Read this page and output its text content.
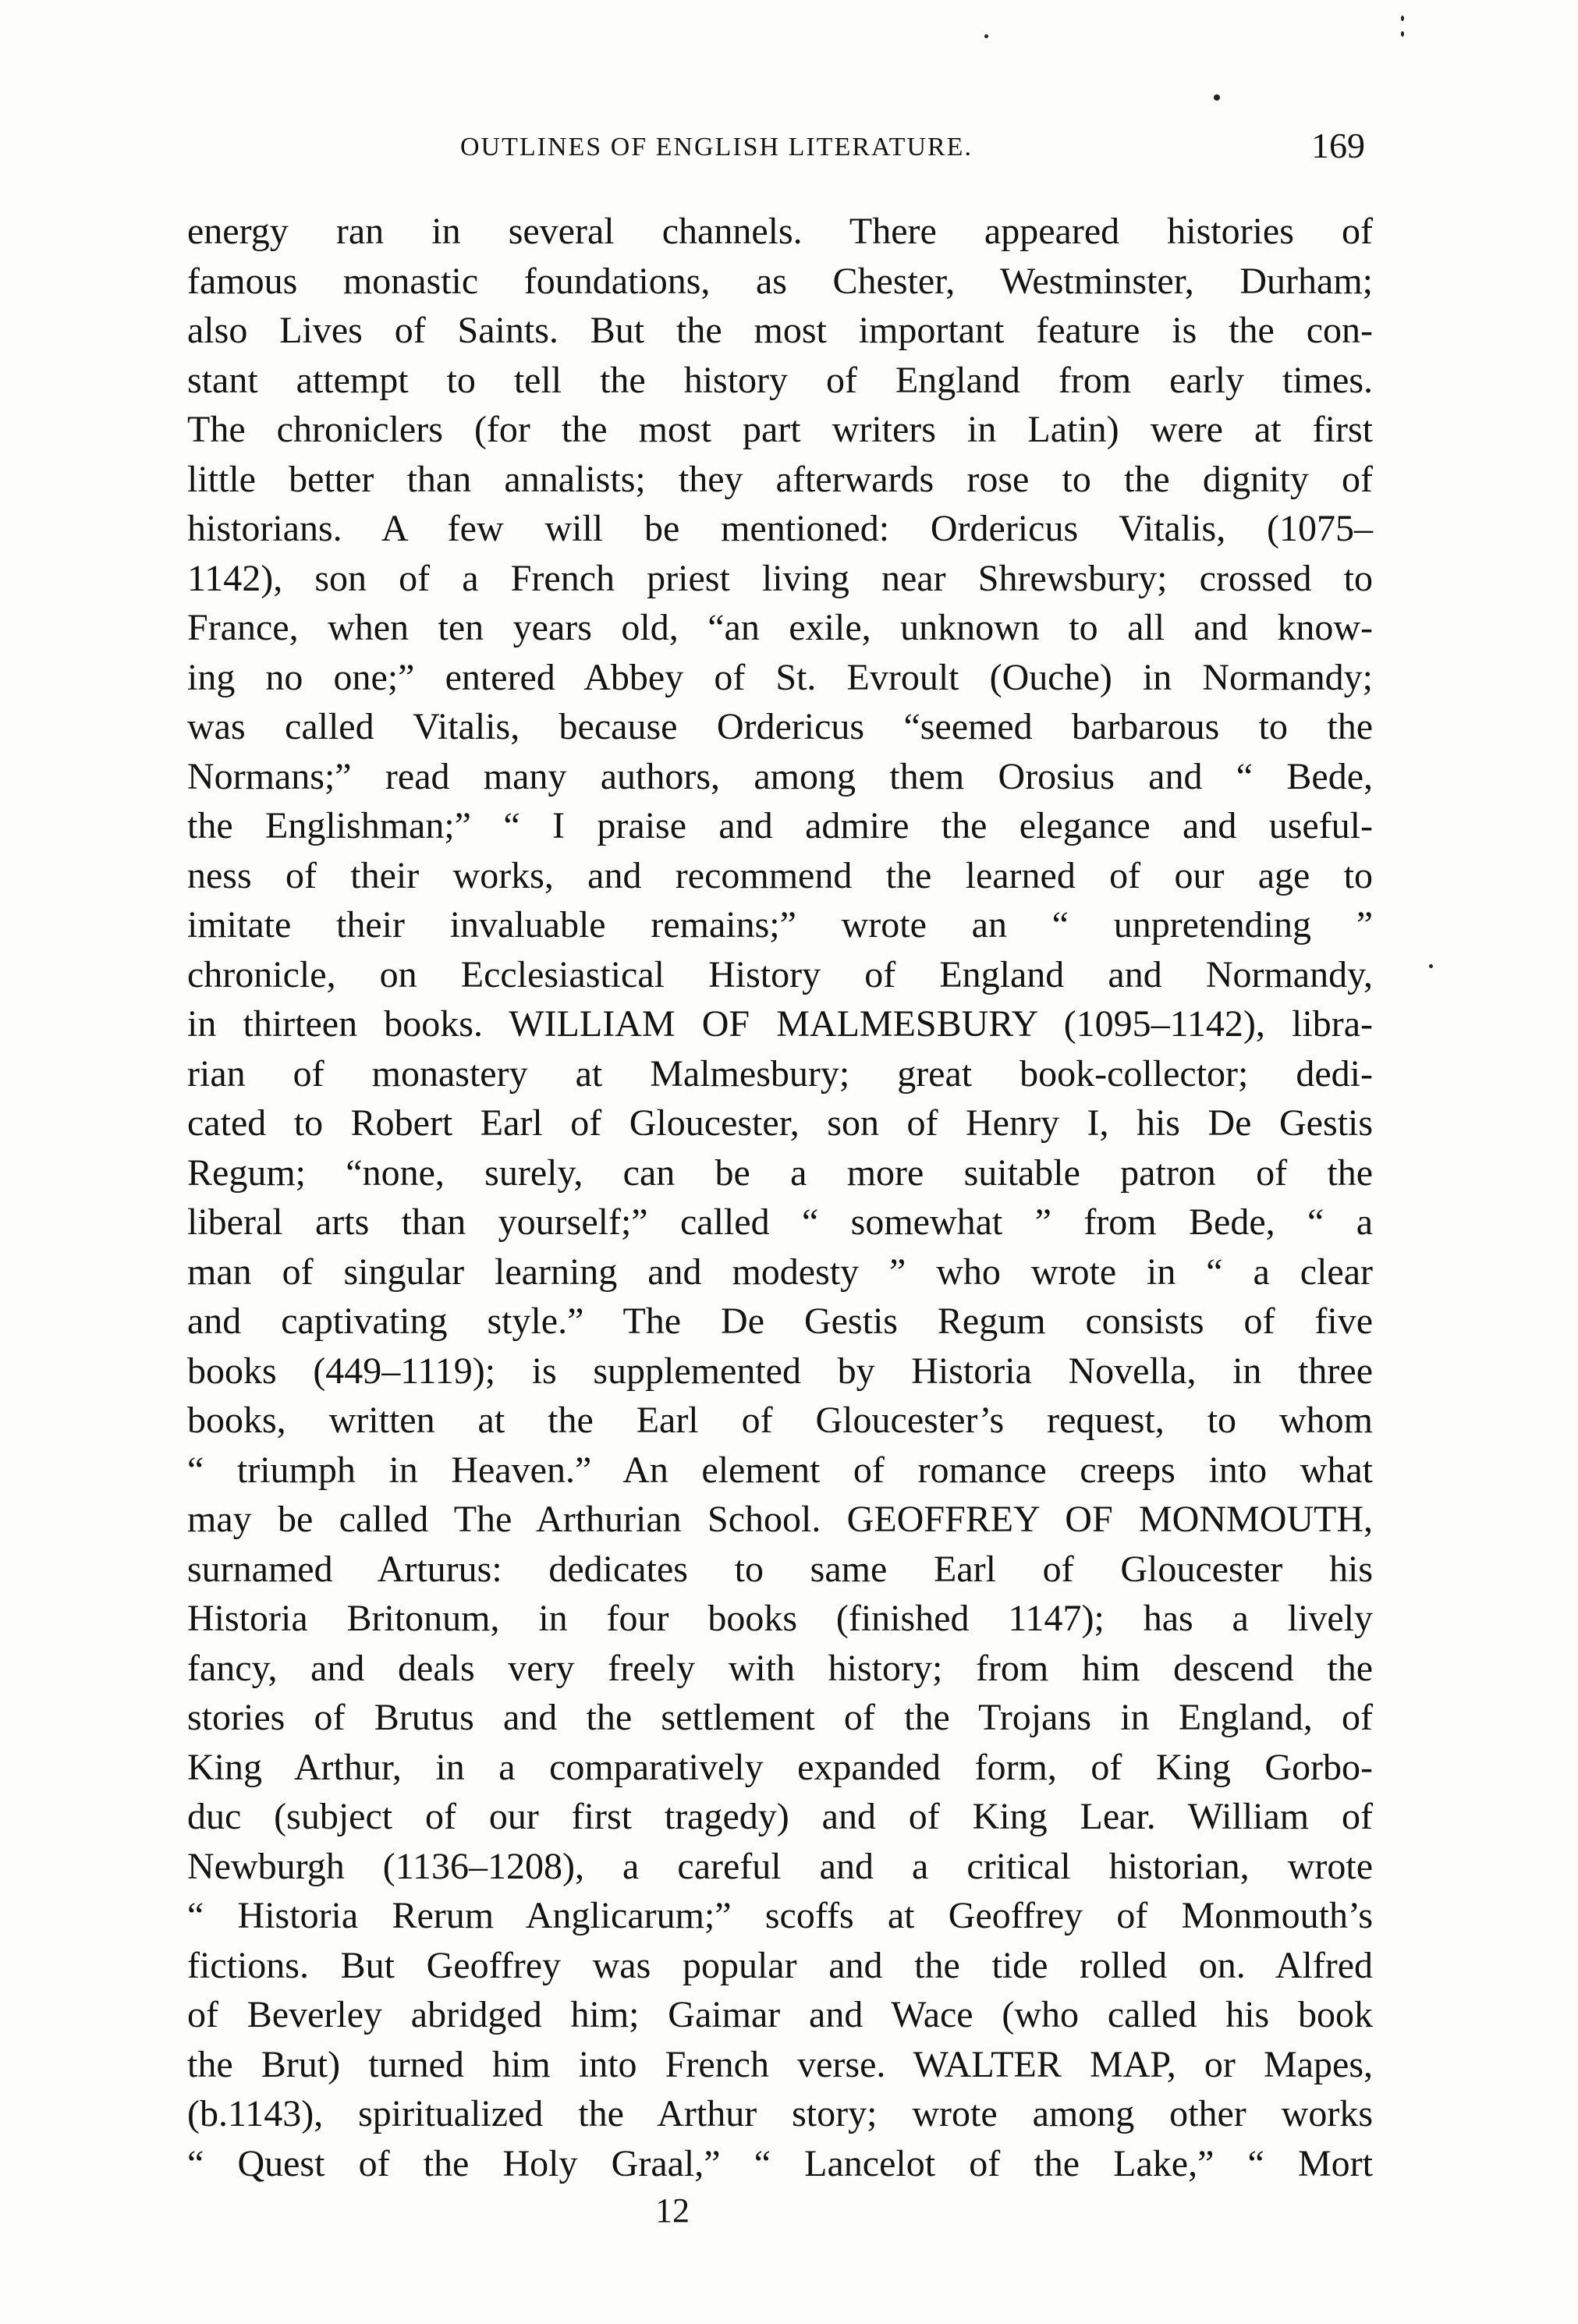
OUTLINES OF ENGLISH LITERATURE.	169
energy ran in several channels. There appeared histories of
famous monastic foundations, as Chester, Westminster, Durham;
also Lives of Saints. But the most important feature is the con-
stant attempt to tell the history of England from early times.
The chroniclers (for the most part writers in Latin) were at first
little better than annalists; they afterwards rose to the dignity of
historians. A few will be mentioned: Ordericus Vitalis, (1075–
1142), son of a French priest living near Shrewsbury; crossed to
France, when ten years old, “an exile, unknown to all and know-
ing no one;” entered Abbey of St. Evroult (Ouche) in Normandy;
was called Vitalis, because Ordericus “seemed barbarous to the
Normans;” read many authors, among them Orosius and “ Bede,
the Englishman;” “ I praise and admire the elegance and useful-
ness of their works, and recommend the learned of our age to
imitate their invaluable remains;” wrote an “ unpretending ”
chronicle, on Ecclesiastical History of England and Normandy,
in thirteen books. WILLIAM OF MALMESBURY (1095–1142), libra-
rian of monastery at Malmesbury; great book-collector; dedi-
cated to Robert Earl of Gloucester, son of Henry I, his De Gestis
Regum; “none, surely, can be a more suitable patron of the
liberal arts than yourself;” called “ somewhat ” from Bede, “ a
man of singular learning and modesty ” who wrote in “ a clear
and captivating style.” The De Gestis Regum consists of five
books (449–1119); is supplemented by Historia Novella, in three
books, written at the Earl of Gloucester’s request, to whom
“ triumph in Heaven.” An element of romance creeps into what
may be called The Arthurian School. GEOFFREY OF MONMOUTH,
surnamed Arturus: dedicates to same Earl of Gloucester his
Historia Britonum, in four books (finished 1147); has a lively
fancy, and deals very freely with history; from him descend the
stories of Brutus and the settlement of the Trojans in England, of
King Arthur, in a comparatively expanded form, of King Gorbo-
duc (subject of our first tragedy) and of King Lear. William of
Newburgh (1136–1208), a careful and a critical historian, wrote
“ Historia Rerum Anglicarum;” scoffs at Geoffrey of Monmouth’s
fictions. But Geoffrey was popular and the tide rolled on. Alfred
of Beverley abridged him; Gaimar and Wace (who called his book
the Brut) turned him into French verse. WALTER MAP, or Mapes,
(b.1143), spiritualized the Arthur story; wrote among other works
“ Quest of the Holy Graal,” “ Lancelot of the Lake,” “ Mort
12
